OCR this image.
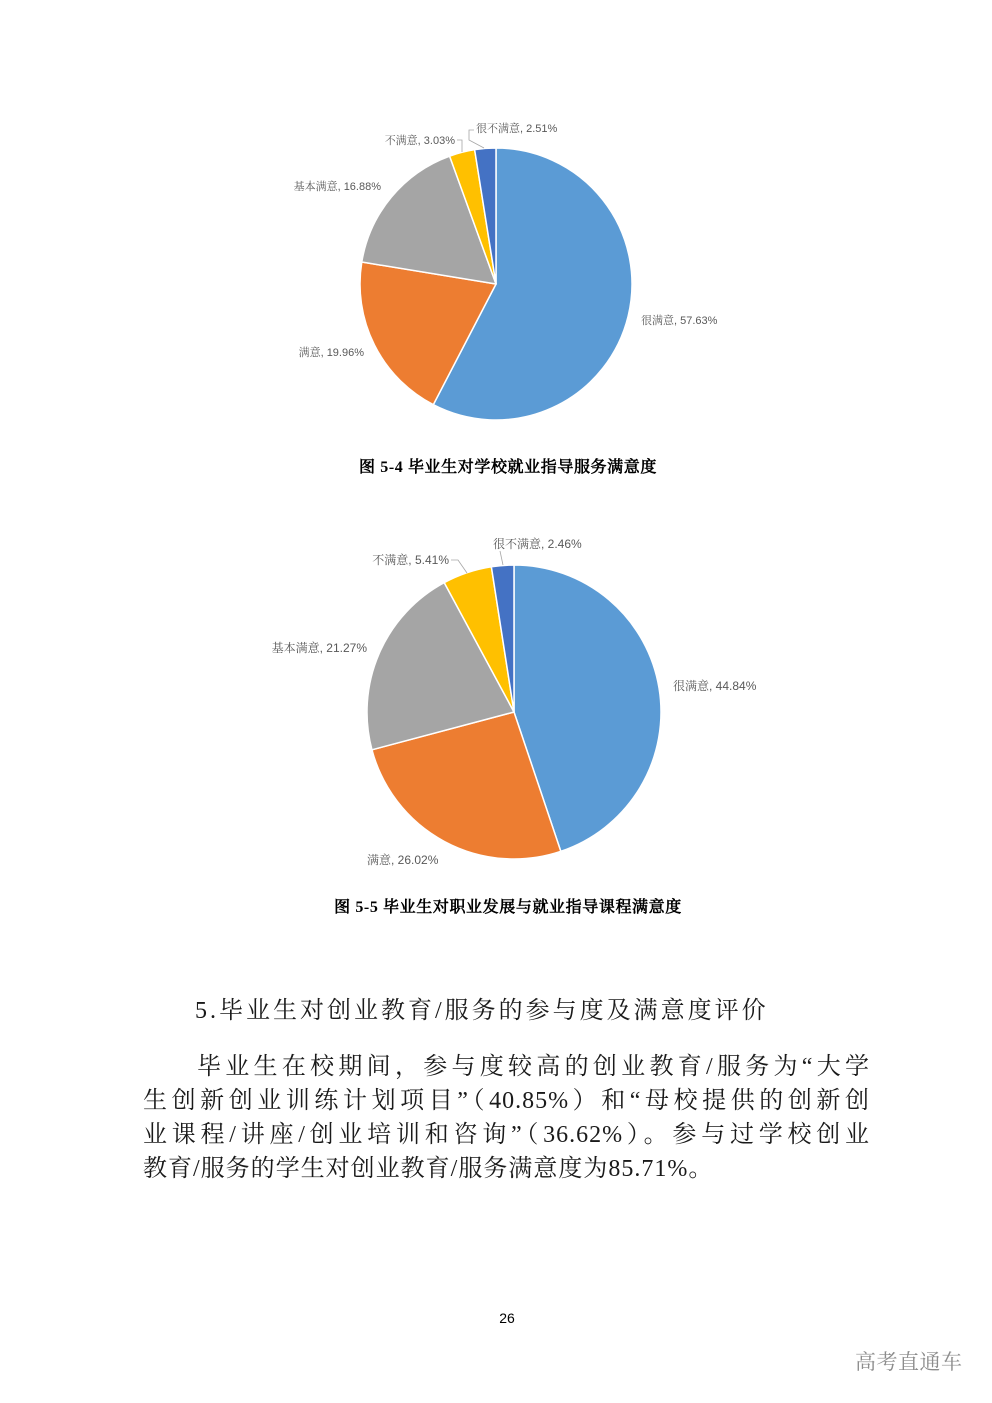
很满意, 57.63%
满意, 19.96%
基本满意, 16.88%
不满意, 3.03%
很不满意, 2.51%
图 5-4 毕业生对学校就业指导服务满意度
很满意, 44.84%
满意, 26.02%
基本满意, 21.27%
不满意, 5.41%
很不满意, 2.46%
图 5-5 毕业生对职业发展与就业指导课程满意度
5.毕业生对创业教育/服务的参与度及满意度评价
毕业生在校期间，参与度较高的创业教育/服务为“大学
生创新创业训练计划项目”（40.85%）和“母校提供的创新创
业课程/讲座/创业培训和咨询”（36.62%）。参与过学校创业
教育/服务的学生对创业教育/服务满意度为85.71%。
26
高考直通车
